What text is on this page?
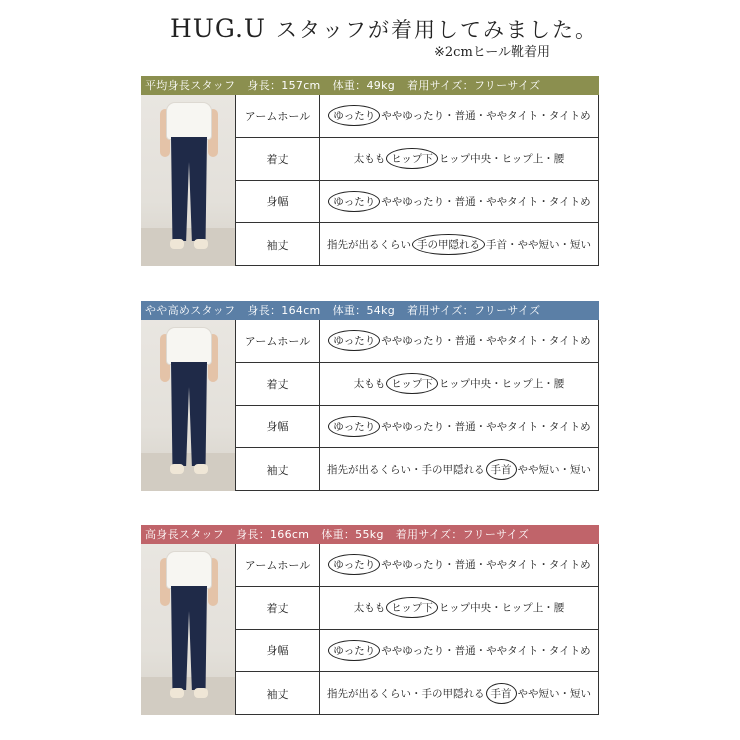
HUG.U スタッフが着用してみました。
※2cmヒール靴着用
平均身長スタッフ 身長：157cm 体重：49kg 着用サイズ：フリーサイズ
アームホール	ゆったり ややゆったり・普通・ややタイト・タイトめ
着丈	太もも ヒップ下 ヒップ中央・ヒップ上・腰
身幅	ゆったり ややゆったり・普通・ややタイト・タイトめ
袖丈	指先が出るくらい 手の甲隠れる 手首・やや短い・短い
やや高めスタッフ 身長：164cm 体重：54kg 着用サイズ：フリーサイズ
アームホール	ゆったり ややゆったり・普通・ややタイト・タイトめ
着丈	太もも ヒップ下 ヒップ中央・ヒップ上・腰
身幅	ゆったり ややゆったり・普通・ややタイト・タイトめ
袖丈	指先が出るくらい・手の甲隠れる 手首 やや短い・短い
高身長スタッフ 身長：166cm 体重：55kg 着用サイズ：フリーサイズ
アームホール	ゆったり ややゆったり・普通・ややタイト・タイトめ
着丈	太もも ヒップ下 ヒップ中央・ヒップ上・腰
身幅	ゆったり ややゆったり・普通・ややタイト・タイトめ
袖丈	指先が出るくらい・手の甲隠れる 手首 やや短い・短い
